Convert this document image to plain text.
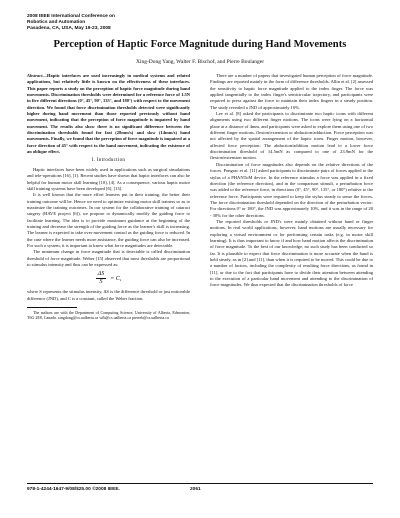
2008 IEEE International Conference on
Robotics and Automation
Pasadena, CA, USA, May 19-23, 2008
Perception of Haptic Force Magnitude during Hand Movements
Xing-Dong Yang, Walter F. Bischof, and Pierre Boulanger

Abstract—Haptic interfaces are used increasingly in medical systems and related applications, but relatively little is known on the effectiveness of these interfaces. This paper reports a study on the perception of haptic force magnitude during hand movements. Discrimination thresholds were determined for a reference force of 1.5N in five different directions (0°, 45°, 90°, 135°, and 180°) with respect to the movement direction. We found that force discrimination thresholds detected were significantly higher during hand movement than those reported previously without hand movement, indicating that the perception of force magnitude is impaired by hand movement. The results also show there is no significant difference between the discrimination thresholds found for fast (28mm/s) and slow (14mm/s) hand movements. Finally, we found that the perception of force magnitude is impaired at a force direction of 45° with respect to the hand movement, indicating the existence of an oblique effect.

I. Introduction

Haptic interfaces have been widely used in applications such as surgical simulations and tele-operations [16], [1]. Recent studies have shown that haptic interfaces can also be helpful for human motor skill learning [10], [4]. As a consequence, various haptic motor skill training systems have been developed [6], [13].

It is well known that the more effort learners put in their training, the better their training outcome will be. Hence we need to optimize existing motor skill trainers so as to maximize the training outcomes. In our system for the collaborative training of cataract surgery (HAVE project [6]), we propose to dynamically modify the guiding force to facilitate learning. The idea is to provide maximum guidance at the beginning of the training and decrease the strength of the guiding force as the learner's skill is increasing. The learner is expected to take over movement control as the guiding force is reduced. In the case where the learner needs more assistance, the guiding force can also be increased. For such a system, it is important to know what force magnitudes are detectable.

The minimum change in force magnitude that is detectable is called discrimination threshold of force magnitude. Weber [15] observed that most thresholds are proportional to stimulus intensity and thus can be expressed as:

$\frac{\Delta S}{S} = C$,

where S represents the stimulus intensity, ΔS is the difference threshold or just noticeable difference (JND), and C is a constant, called the Weber fraction.

The authors are with the Department of Computing Science, University of Alberta, Edmonton, T6G 2E8, Canada. xingdong@cs.ualberta.ca wfb@cs.ualberta.ca pierreb@cs.ualberta.ca

There are a number of papers that investigated human perception of force magnitude. Findings are reported mainly in the form of difference thresholds. Allin et al. [2] assessed the sensitivity to haptic force magnitude applied to the index finger. The force was applied tangentially to the index finger's semicircular trajectory, and participants were required to press against the force to maintain their index fingers in a steady position. The study revealed a JND of approximately 10%.

Lee et al. [8] asked the participants to discriminate two haptic icons with different alignments using two different finger motions. The icons were lying on a horizontal plane at a distance of 4mm, and participants were asked to explore them using one of two different finger motions, flexion/extension or abduction/adduction. Force perception was not affected by the spatial arrangement of the haptic icons. Finger motion, however, affected force perception: The abduction/addition motion lead to a lower force discrimination threshold of 14.5mN as compared to one of 23.9mN for the flexion/extension motion.

Discrimination of force magnitudes also depends on the relative directions of the forces. Pongrac et al. [11] asked participants to discriminate pairs of forces applied to the stylus of a PHANToM device. In the reference stimulus a force was applied in a fixed direction (the reference direction), and in the comparison stimuli, a perturbation force was added to the reference force, in directions (0°, 45°, 90°, 135°, or 180°) relative to the reference force. Participants were required to keep the stylus steady to sense the forces. The force discrimination threshold depended on the direction of the perturbation vector: For directions 0° or 180°, the JND was approximately 10%, and it was in the range of 20 - 30% for the other directions.

The reported thresholds or JND's were mainly obtained without hand or finger motions. In real world applications, however, hand motions are usually necessary for exploring a virtual environment or for performing certain tasks (e.g. in motor skill learning). It is thus important to know if and how hand motion affects the discrimination of force magnitude. To the best of our knowledge, no such study has been conducted so far. It is plausible to expect that force discrimination is more accurate when the hand is held steady, as in [2] and [11], than when it is required to be moved. This could be due to a number of factors, including the complexity of resulting force directions, as found in [11], or due to the fact that participants have to divide their attention between attending to the execution of a particular hand movement and attending to the discrimination of force magnitudes. We thus expected that the discrimination thresholds of force

978-1-4244-1647-9/08/$25.00 ©2008 IEEE.	2061
